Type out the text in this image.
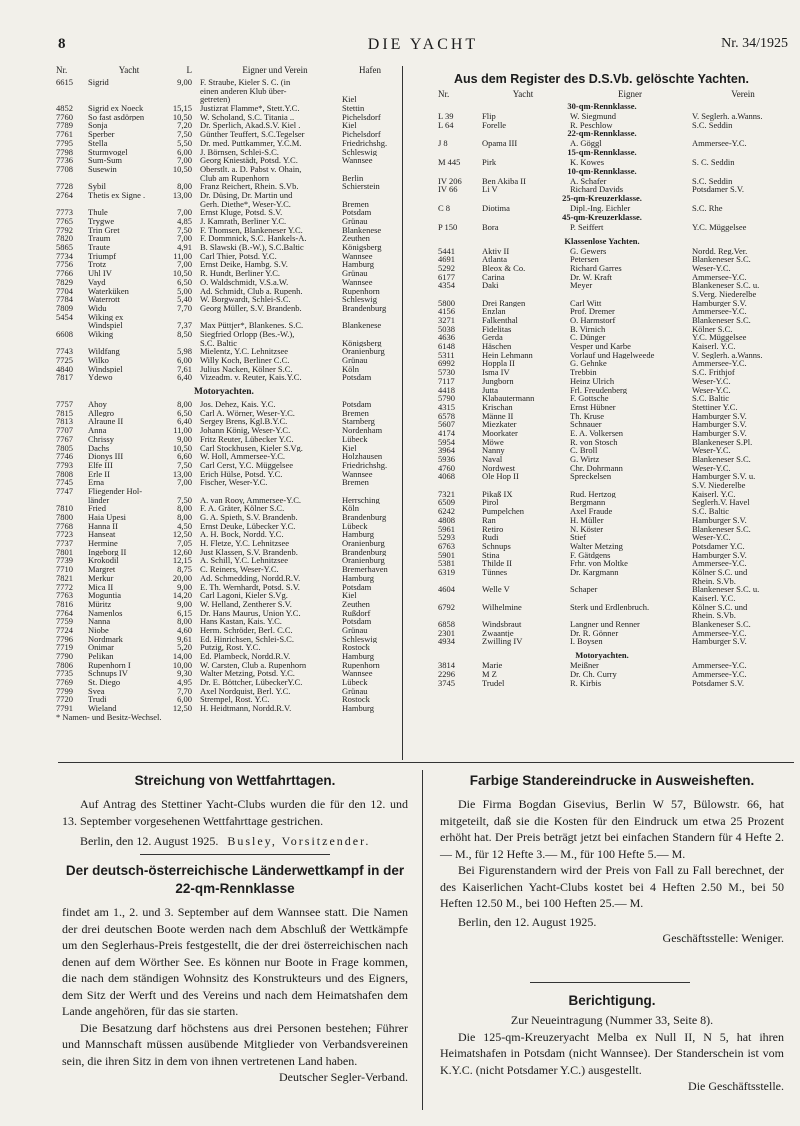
8	DIE YACHT	Nr. 34/1925
Nr.	Yacht	L	Eigner und Verein	Hafen
6615	Sigrid	9,00 F. Straube, Kieler S. C. (in
einen anderen Klub über-
getreten)	Kiel
4852	Sigrid ex Noeck	15,15 Justizrat Flamme*, Stett.Y.C.	Stettin
7760	So fast asdörpen	10,50 W. Scholand, S.C. Titania ..	Pichelsdorf
7789	Sonja	7,20 Dr. Sperlich, Akad.S.V. Kiel .	Kiel
7761	Sperber	7,50 Günther Teuffert, S.C.Tegelser	Pichelsdorf
7795	Stella	5,50 Dr. med. Puttkammer, Y.C.M.	Friedrichshg.
7798	Sturmvogel	6,00 J. Börnsen, Schlei-S.C.	Schleswig
7736	Sum-Sum	7,00 Georg Kniestädt, Potsd. Y.C.	Wannsee
7708	Susewin	10,50 Oberstlt. a. D. Pabst v. Ohain,
Club am Rupenhorn	Berlin
7728	Sybil	8,00 Franz Reichert, Rhein. S.Vb.	Schierstein
2764	Thetis ex Signe .	13,00 Dr. Düsing, Dr. Martin und
Gerh. Diethe*, Weser-Y.C.	Bremen
7773	Thule	7,00 Ernst Kluge, Potsd. S.V.	Potsdam
7765	Trygwe	4,85 J. Kamrath, Berliner Y.C.	Grünau
7792	Trin Gret	7,50 F. Thomsen, Blankeneser Y.C.	Blankenese
7820	Traum	7,00 F. Dommnick, S.C. Hankels-A.	Zeuthen
5865	Traute	4,91 B. Slawski (B.-W.), S.C.Baltic	Königsberg
7734	Triumpf	11,00 Carl Thier, Potsd. Y.C.	Wannsee
7756	Trotz	7,00 Ernst Deike, Hambg. S.V.	Hamburg
7766	Uhl IV	10,50 R. Hundt, Berliner Y.C.	Grünau
7829	Vayd	6,50 O. Waldschmidt, V.S.a.W.	Wannsee
7704	Waterküken	5,00 Ad. Schmidt, Club a. Rupenh.	Rupenhorn
7784	Waterrott	5,40 W. Borgwardt, Schlei-S.C.	Schleswig
7809	Widu	7,70 Georg Müller, S.V. Brandenb.	Brandenburg
5454	Wiking ex
Windspiel	7,37 Max Püttjer*, Blankenes. S.C.	Blankenese
6608	Wiking	8,50 Siegfried Orlopp (Bes.-W.),
S.C. Baltic	Königsberg
7743	Wildfang	5,98 Mielentz, Y.C. Lehnitzsee	Oranienburg
7725	Wilko	6,00 Willy Koch, Berliner C.C.	Grünau
4840	Windspiel	7,61 Julius Nacken, Kölner S.C.	Köln
7817	Ydewo	6,40 Vizeadm. v. Reuter, Kais.Y.C.	Potsdam
Motoryachten.
7757	Ahoy	8,00 Jos. Dehez, Kais. Y.C.	Potsdam
7815	Allegro	6,50 Carl A. Wörner, Weser-Y.C.	Bremen
7813	Alraune II	6,40 Sergey Brens, Kgl.B.Y.C.	Starnberg
7707	Anna	11,00 Johann König, Weser-Y.C.	Nordenham
7767	Chrissy	9,00 Fritz Reuter, Lübecker Y.C.	Lübeck
7805	Dachs	10,50 Carl Stockhusen, Kieler S.Vg.	Kiel
7746	Dionys III	6,60 W. Holl, Ammersee-Y.C.	Holzhausen
7793	Elfe III	7,50 Carl Cerst, Y.C. Müggelsee	Friedrichshg.
7808	Erle II	13,00 Erich Hülse, Potsd. Y.C.	Wannsee
7745	Erna	7,00 Fischer, Weser-Y.C.	Bremen
7747	Fliegender Hol-
länder	7,50 A. van Rooy, Ammersee-Y.C.	Herrsching
7810	Fried	8,00 F. A. Gräter, Kölner S.C.	Köln
7800	Haia Upesi	8,00 G. A. Spieth, S.V. Brandenb.	Brandenburg
7768	Hanna II	4,50 Ernst Deuke, Lübecker Y.C.	Lübeck
7723	Hanseat	12,50 A. H. Bock, Nordd. Y.C.	Hamburg
7737	Hermine	7,05 H. Fletze, Y.C. Lehnitzsee	Oranienburg
7801	Ingeborg II	12,60 Just Klassen, S.V. Brandenb.	Brandenburg
7739	Krokodil	12,15 A. Schill, Y.C. Lehnitzsee	Oranienburg
7710	Margret	8,75 C. Reiners, Weser-Y.C.	Bremerhaven
7821	Merkur	20,00 Ad. Schmedding, Nordd.R.V.	Hamburg
7772	Mica II	9,00 E. Th. Wernhardt, Potsd. S.V.	Potsdam
7763	Moguntia	14,20 Carl Lagoni, Kieler S.Vg.	Kiel
7816	Müritz	9,00 W. Helland, Zentherer S.V.	Zeuthen
7764	Namenlos	6,15 Dr. Hans Maurus, Union Y.C.	Rußdorf
7759	Nanna	8,00 Hans Kastan, Kais. Y.C.	Potsdam
7724	Niobe	4,60 Herm. Schröder, Berl. C.C.	Grünau
7796	Nordmark	9,61 Ed. Hinrichsen, Schlei-S.C.	Schleswig
7719	Onimar	5,20 Putzig, Rost. Y.C.	Rostock
7790	Pelikan	14,00 Ed. Plambeck, Nordd.R.V.	Hamburg
7806	Rupenhorn I	10,00 W. Carsten, Club a. Rupenhorn	Rupenhorn
7735	Schnups IV	9,30 Walter Metzing, Potsd. Y.C.	Wannsee
7769	St. Diego	4,95 Dr. E. Böttcher, LübeckerY.C.	Lübeck
7799	Svea	7,70 Axel Nordquist, Berl. Y.C.	Grünau
7720	Trudi	6,00 Strempel, Rost. Y.C.	Rostock
7791	Wieland	12,50 H. Heidtmann, Nordd.R.V.	Hamburg
* Namen- und Besitz-Wechsel.
Aus dem Register des D.S.Vb. gelöschte Yachten.
Nr.	Yacht	Eigner	Verein
30-qm-Rennklasse.
L 39	Flip	W. Siegmund	V. Seglerh. a.Wanns.
L 64	Forelle	R. Peschlow	S.C. Seddin
22-qm-Rennklasse.
J 8	Opama III	A. Göggl	Ammersee-Y.C.
15-qm-Rennklasse.
M 445	Pirk	K. Kowes	S. C. Seddin
10-qm-Rennklasse.
IV 206	Ben Akiba II	A. Schafer	S.C. Seddin
IV 66	Li V	Richard Davids	Potsdamer S.V.
25-qm-Kreuzerklasse.
C 8	Diotima	Dipl.-Ing. Eichler	S.C. Rhe
45-qm-Kreuzerklasse.
P 150	Bora	P. Seiffert	Y.C. Müggelsee
Klassenlose Yachten.
5441	Aktiv II	G. Gewers	Nordd. Reg.Ver.
4691	Atlanta	Petersen	Blankeneser S.C.
5292	Bleox & Co.	Richard Garres	Weser-Y.C.
6177	Carina	Dr. W. Kraft	Ammersee-Y.C.
4354	Daki	Meyer	Blankeneser S.C. u.
S.Verg. Niederelbe
5800	Drei Rangen	Carl Witt	Hamburger S.V.
4156	Enzlan	Prof. Dremer	Ammersee-Y.C.
3271	Falkenthal	O. Harmstorf	Blankeneser S.C.
5038	Fidelitas	B. Virnich	Kölner S.C.
4636	Gerda	C. Dünger	Y.C. Müggelsee
6148	Häschen	Vesper und Karbe	Kaiserl. Y.C.
5311	Hein Lehmann	Vorlauf und Hagelweede	V. Seglerh. a.Wanns.
6992	Hoppla II	G. Gehnke	Ammersee-Y.C.
5730	Isma IV	Trebbin	S.C. Frithjof
7117	Jungborn	Heinz Ulrich	Weser-Y.C.
4418	Jutta	Frl. Freudenberg	Weser-Y.C.
5790	Klabautermann	F. Gottsche	S.C. Baltic
4315	Krischan	Ernst Hübner	Stettiner Y.C.
6578	Männe II	Th. Kruse	Hamburger S.V.
5607	Miezkater	Schnauer	Hamburger S.V.
4174	Moorkater	E. A. Volkersen	Hamburger S.V.
5954	Möwe	R. von Stosch	Blankeneser S.Pl.
3964	Nanny	C. Broll	Weser-Y.C.
5936	Naval	G. Wirtz	Blankeneser S.C.
4760	Nordwest	Chr. Dohrmann	Weser-Y.C.
4068	Ole Hop II	Spreckelsen	Hamburger S.V. u.
S.V. Niederelbe
7321	Pikaß IX	Rud. Hertzog	Kaiserl. Y.C.
6509	Pirol	Bergmann	Seglerh.V. Havel
6242	Pumpelchen	Axel Fraude	S.C. Baltic
4808	Ran	H. Müller	Hamburger S.V.
5961	Retiro	N. Köster	Blankeneser S.C.
5293	Rudi	Stief	Weser-Y.C.
6763	Schnups	Walter Metzing	Potsdamer Y.C.
5901	Stina	F. Gätdgens	Hamburger S.V.
5381	Thilde II	Frhr. von Moltke	Ammersee-Y.C.
6319	Tünnes	Dr. Kargmann	Kölner S.C. und
Rhein. S.Vb.
4604	Welle V	Schaper	Blankeneser S.C. u.
Kaiserl. Y.C.
6792	Wilhelmine	Sterk und Erdlenbruch.	Kölner S.C. und
Rhein. S.Vb.
6858	Windsbraut	Langner und Renner	Blankeneser S.C.
2301	Zwaantje	Dr. R. Gönner	Ammersee-Y.C.
4934	Zwilling IV	I. Boysen	Hamburger S.V.
Motoryachten.
3814	Marie	Meißner	Ammersee-Y.C.
2296	M Z	Dr. Ch. Curry	Ammersee-Y.C.
3745	Trudel	R. Kirbis	Potsdamer S.V.
Streichung von Wettfahrttagen.

Auf Antrag des Stettiner Yacht-Clubs wurden die für den 12. und 13. September vorgesehenen Wettfahrttage gestrichen.

Berlin, den 12. August 1925. Busley, Vorsitzender.

Der deutsch-österreichische Länderwettkampf in der 22-qm-Rennklasse

findet am 1., 2. und 3. September auf dem Wannsee statt. Die Namen der drei deutschen Boote werden nach dem Abschluß der Wettkämpfe um den Seglerhaus-Preis festgestellt, die der drei österreichischen nach denen auf dem Wörther See. Es können nur Boote in Frage kommen, die nach dem ständigen Wohnsitz des Konstrukteurs und des Eigners, dem Sitz der Werft und des Vereins und nach dem Heimatshafen dem Lande angehören, für das sie starten.

Die Besatzung darf höchstens aus drei Personen bestehen; Führer und Mannschaft müssen ausübende Mitglieder von Verbandsvereinen sein, die ihren Sitz in dem von ihnen vertretenen Land haben.

Deutscher Segler-Verband.

Farbige Standereindrucke in Ausweisheften.

Die Firma Bogdan Gisevius, Berlin W 57, Bülowstr. 66, hat mitgeteilt, daß sie die Kosten für den Eindruck um etwa 25 Prozent erhöht hat. Der Preis beträgt jetzt bei einfachen Standern für 4 Hefte 2.— M., für 12 Hefte 3.— M., für 100 Hefte 5.— M.

Bei Figurenstandern wird der Preis von Fall zu Fall berechnet, der des Kaiserlichen Yacht-Clubs kostet bei 4 Heften 2.50 M., bei 50 Heften 12.50 M., bei 100 Heften 25.— M.

Berlin, den 12. August 1925.

Geschäftsstelle: Weniger.

Berichtigung.

Zur Neueintragung (Nummer 33, Seite 8).

Die 125-qm-Kreuzeryacht Melba ex Null II, N 5, hat ihren Heimatshafen in Potsdam (nicht Wannsee). Der Standerschein ist vom K.Y.C. (nicht Potsdamer Y.C.) ausgestellt.

Die Geschäftsstelle.
